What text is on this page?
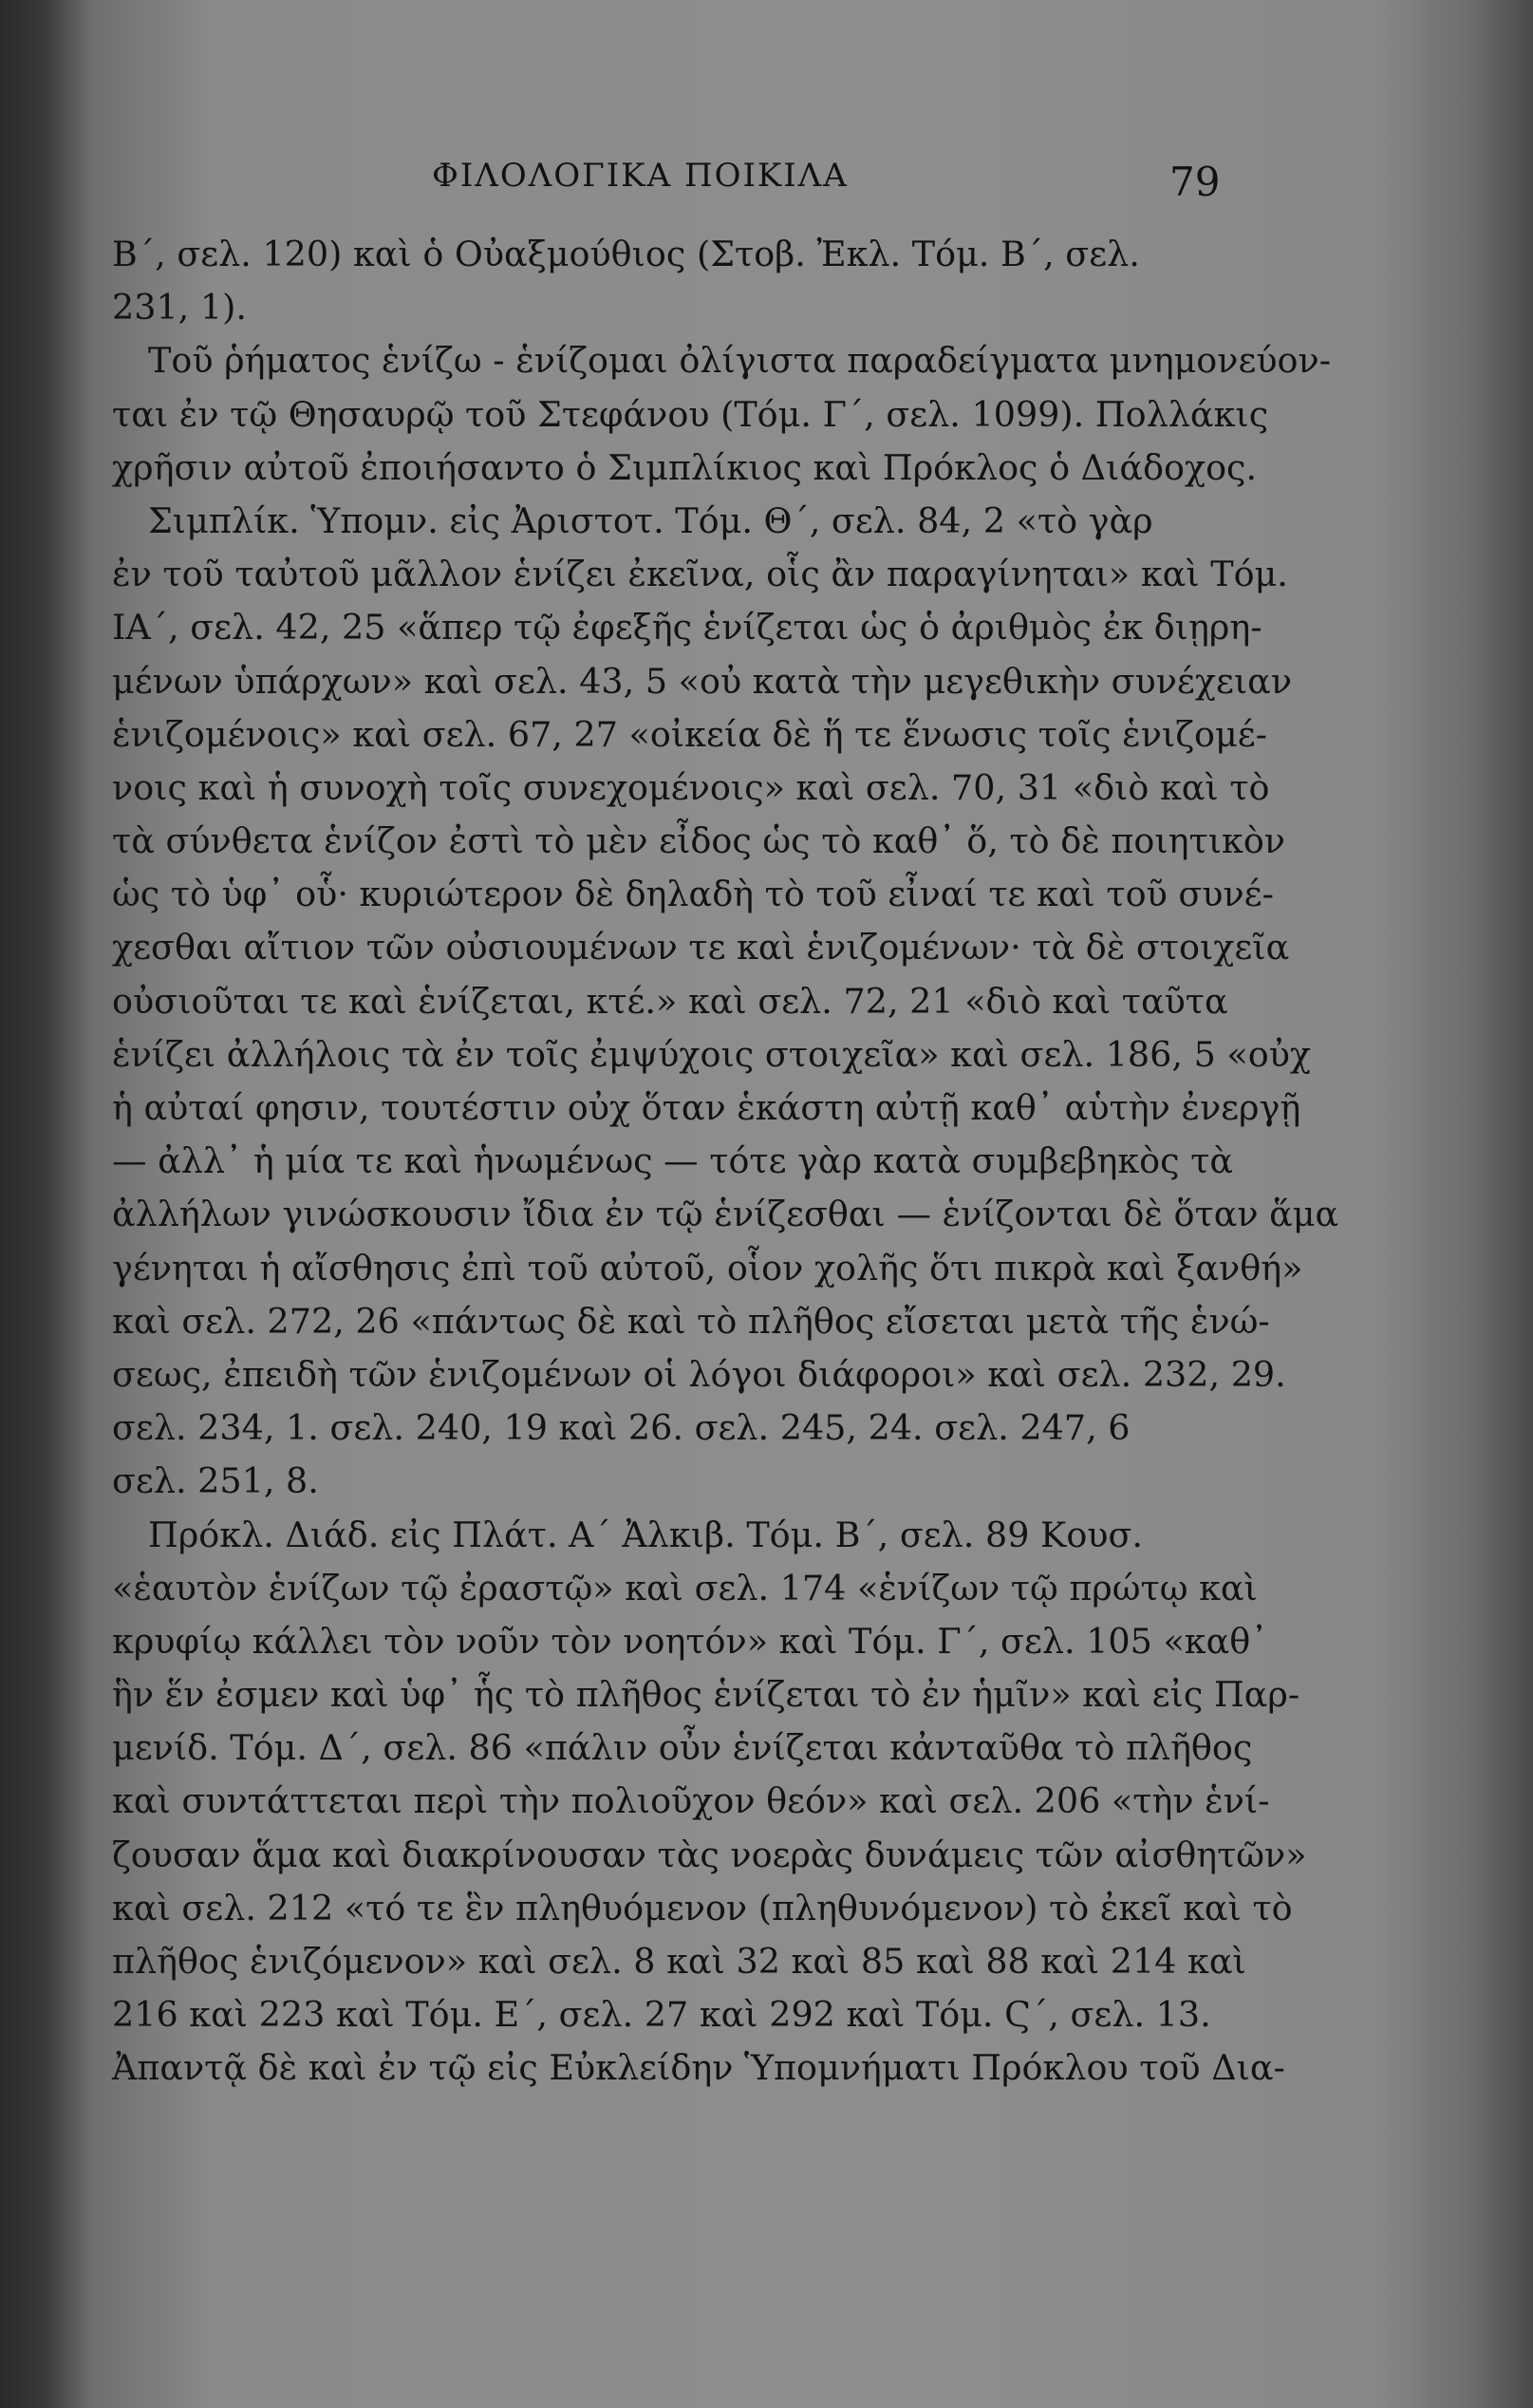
ΦΙΛΟΛΟΓΙΚΑ ΠΟΙΚΙΛΑ	79
Β΄, σελ. 120) καὶ ὁ Οὐαξμούθιος (Στοβ. Ἐκλ. Τόμ. Β΄, σελ.
231, 1).
Τοῦ ῥήματος ἑνίζω - ἑνίζομαι ὀλίγιστα παραδείγματα μνημονεύον-
ται ἐν τῷ Θησαυρῷ τοῦ Στεφάνου (Τόμ. Γ΄, σελ. 1099). Πολλάκις
χρῆσιν αὐτοῦ ἐποιήσαντο ὁ Σιμπλίκιος καὶ Πρόκλος ὁ Διάδοχος.
Σιμπλίκ. Ὑπομν. εἰς Ἀριστοτ. Τόμ. Θ΄, σελ. 84, 2 «τὸ γὰρ
ἐν τοῦ ταὐτοῦ μᾶλλον ἑνίζει ἐκεῖνα, οἷς ἂν παραγίνηται» καὶ Τόμ.
ΙΑ΄, σελ. 42, 25 «ἅπερ τῷ ἐφεξῆς ἑνίζεται ὡς ὁ ἀριθμὸς ἐκ διῃρη-
μένων ὑπάρχων» καὶ σελ. 43, 5 «οὐ κατὰ τὴν μεγεθικὴν συνέχειαν
ἑνιζομένοις» καὶ σελ. 67, 27 «οἰκεία δὲ ἥ τε ἕνωσις τοῖς ἑνιζομέ-
νοις καὶ ἡ συνοχὴ τοῖς συνεχομένοις» καὶ σελ. 70, 31 «διὸ καὶ τὸ
τὰ σύνθετα ἑνίζον ἐστὶ τὸ μὲν εἶδος ὡς τὸ καθ᾽ ὅ, τὸ δὲ ποιητικὸν
ὡς τὸ ὑφ᾽ οὗ· κυριώτερον δὲ δηλαδὴ τὸ τοῦ εἶναί τε καὶ τοῦ συνέ-
χεσθαι αἴτιον τῶν οὐσιουμένων τε καὶ ἑνιζομένων· τὰ δὲ στοιχεῖα
οὐσιοῦται τε καὶ ἑνίζεται, κτέ.» καὶ σελ. 72, 21 «διὸ καὶ ταῦτα
ἑνίζει ἀλλήλοις τὰ ἐν τοῖς ἐμψύχοις στοιχεῖα» καὶ σελ. 186, 5 «οὐχ
ἡ αὐταί φησιν, τουτέστιν οὐχ ὅταν ἑκάστη αὐτῇ καθ᾽ αὑτὴν ἐνεργῇ
— ἀλλ᾽ ἡ μία τε καὶ ἡνωμένως — τότε γὰρ κατὰ συμβεβηκὸς τὰ
ἀλλήλων γινώσκουσιν ἴδια ἐν τῷ ἑνίζεσθαι — ἑνίζονται δὲ ὅταν ἅμα
γένηται ἡ αἴσθησις ἐπὶ τοῦ αὐτοῦ, οἷον χολῆς ὅτι πικρὰ καὶ ξανθή»
καὶ σελ. 272, 26 «πάντως δὲ καὶ τὸ πλῆθος εἴσεται μετὰ τῆς ἑνώ-
σεως, ἐπειδὴ τῶν ἑνιζομένων οἱ λόγοι διάφοροι» καὶ σελ. 232, 29.
σελ. 234, 1. σελ. 240, 19 καὶ 26. σελ. 245, 24. σελ. 247, 6
σελ. 251, 8.
Πρόκλ. Διάδ. εἰς Πλάτ. Α΄ Ἀλκιβ. Τόμ. Β΄, σελ. 89 Κουσ.
«ἑαυτὸν ἑνίζων τῷ ἐραστῷ» καὶ σελ. 174 «ἑνίζων τῷ πρώτῳ καὶ
κρυφίῳ κάλλει τὸν νοῦν τὸν νοητόν» καὶ Τόμ. Γ΄, σελ. 105 «καθ᾽
ἣν ἕν ἐσμεν καὶ ὑφ᾽ ἧς τὸ πλῆθος ἑνίζεται τὸ ἐν ἡμῖν» καὶ εἰς Παρ-
μενίδ. Τόμ. Δ΄, σελ. 86 «πάλιν οὖν ἑνίζεται κἀνταῦθα τὸ πλῆθος
καὶ συντάττεται περὶ τὴν πολιοῦχον θεόν» καὶ σελ. 206 «τὴν ἑνί-
ζουσαν ἅμα καὶ διακρίνουσαν τὰς νοερὰς δυνάμεις τῶν αἰσθητῶν»
καὶ σελ. 212 «τό τε ἓν πληθυόμενον (πληθυνόμενον) τὸ ἐκεῖ καὶ τὸ
πλῆθος ἑνιζόμενον» καὶ σελ. 8 καὶ 32 καὶ 85 καὶ 88 καὶ 214 καὶ
216 καὶ 223 καὶ Τόμ. Ε΄, σελ. 27 καὶ 292 καὶ Τόμ. Ϛ΄, σελ. 13.
Ἀπαντᾷ δὲ καὶ ἐν τῷ εἰς Εὐκλείδην Ὑπομνήματι Πρόκλου τοῦ Δια-
